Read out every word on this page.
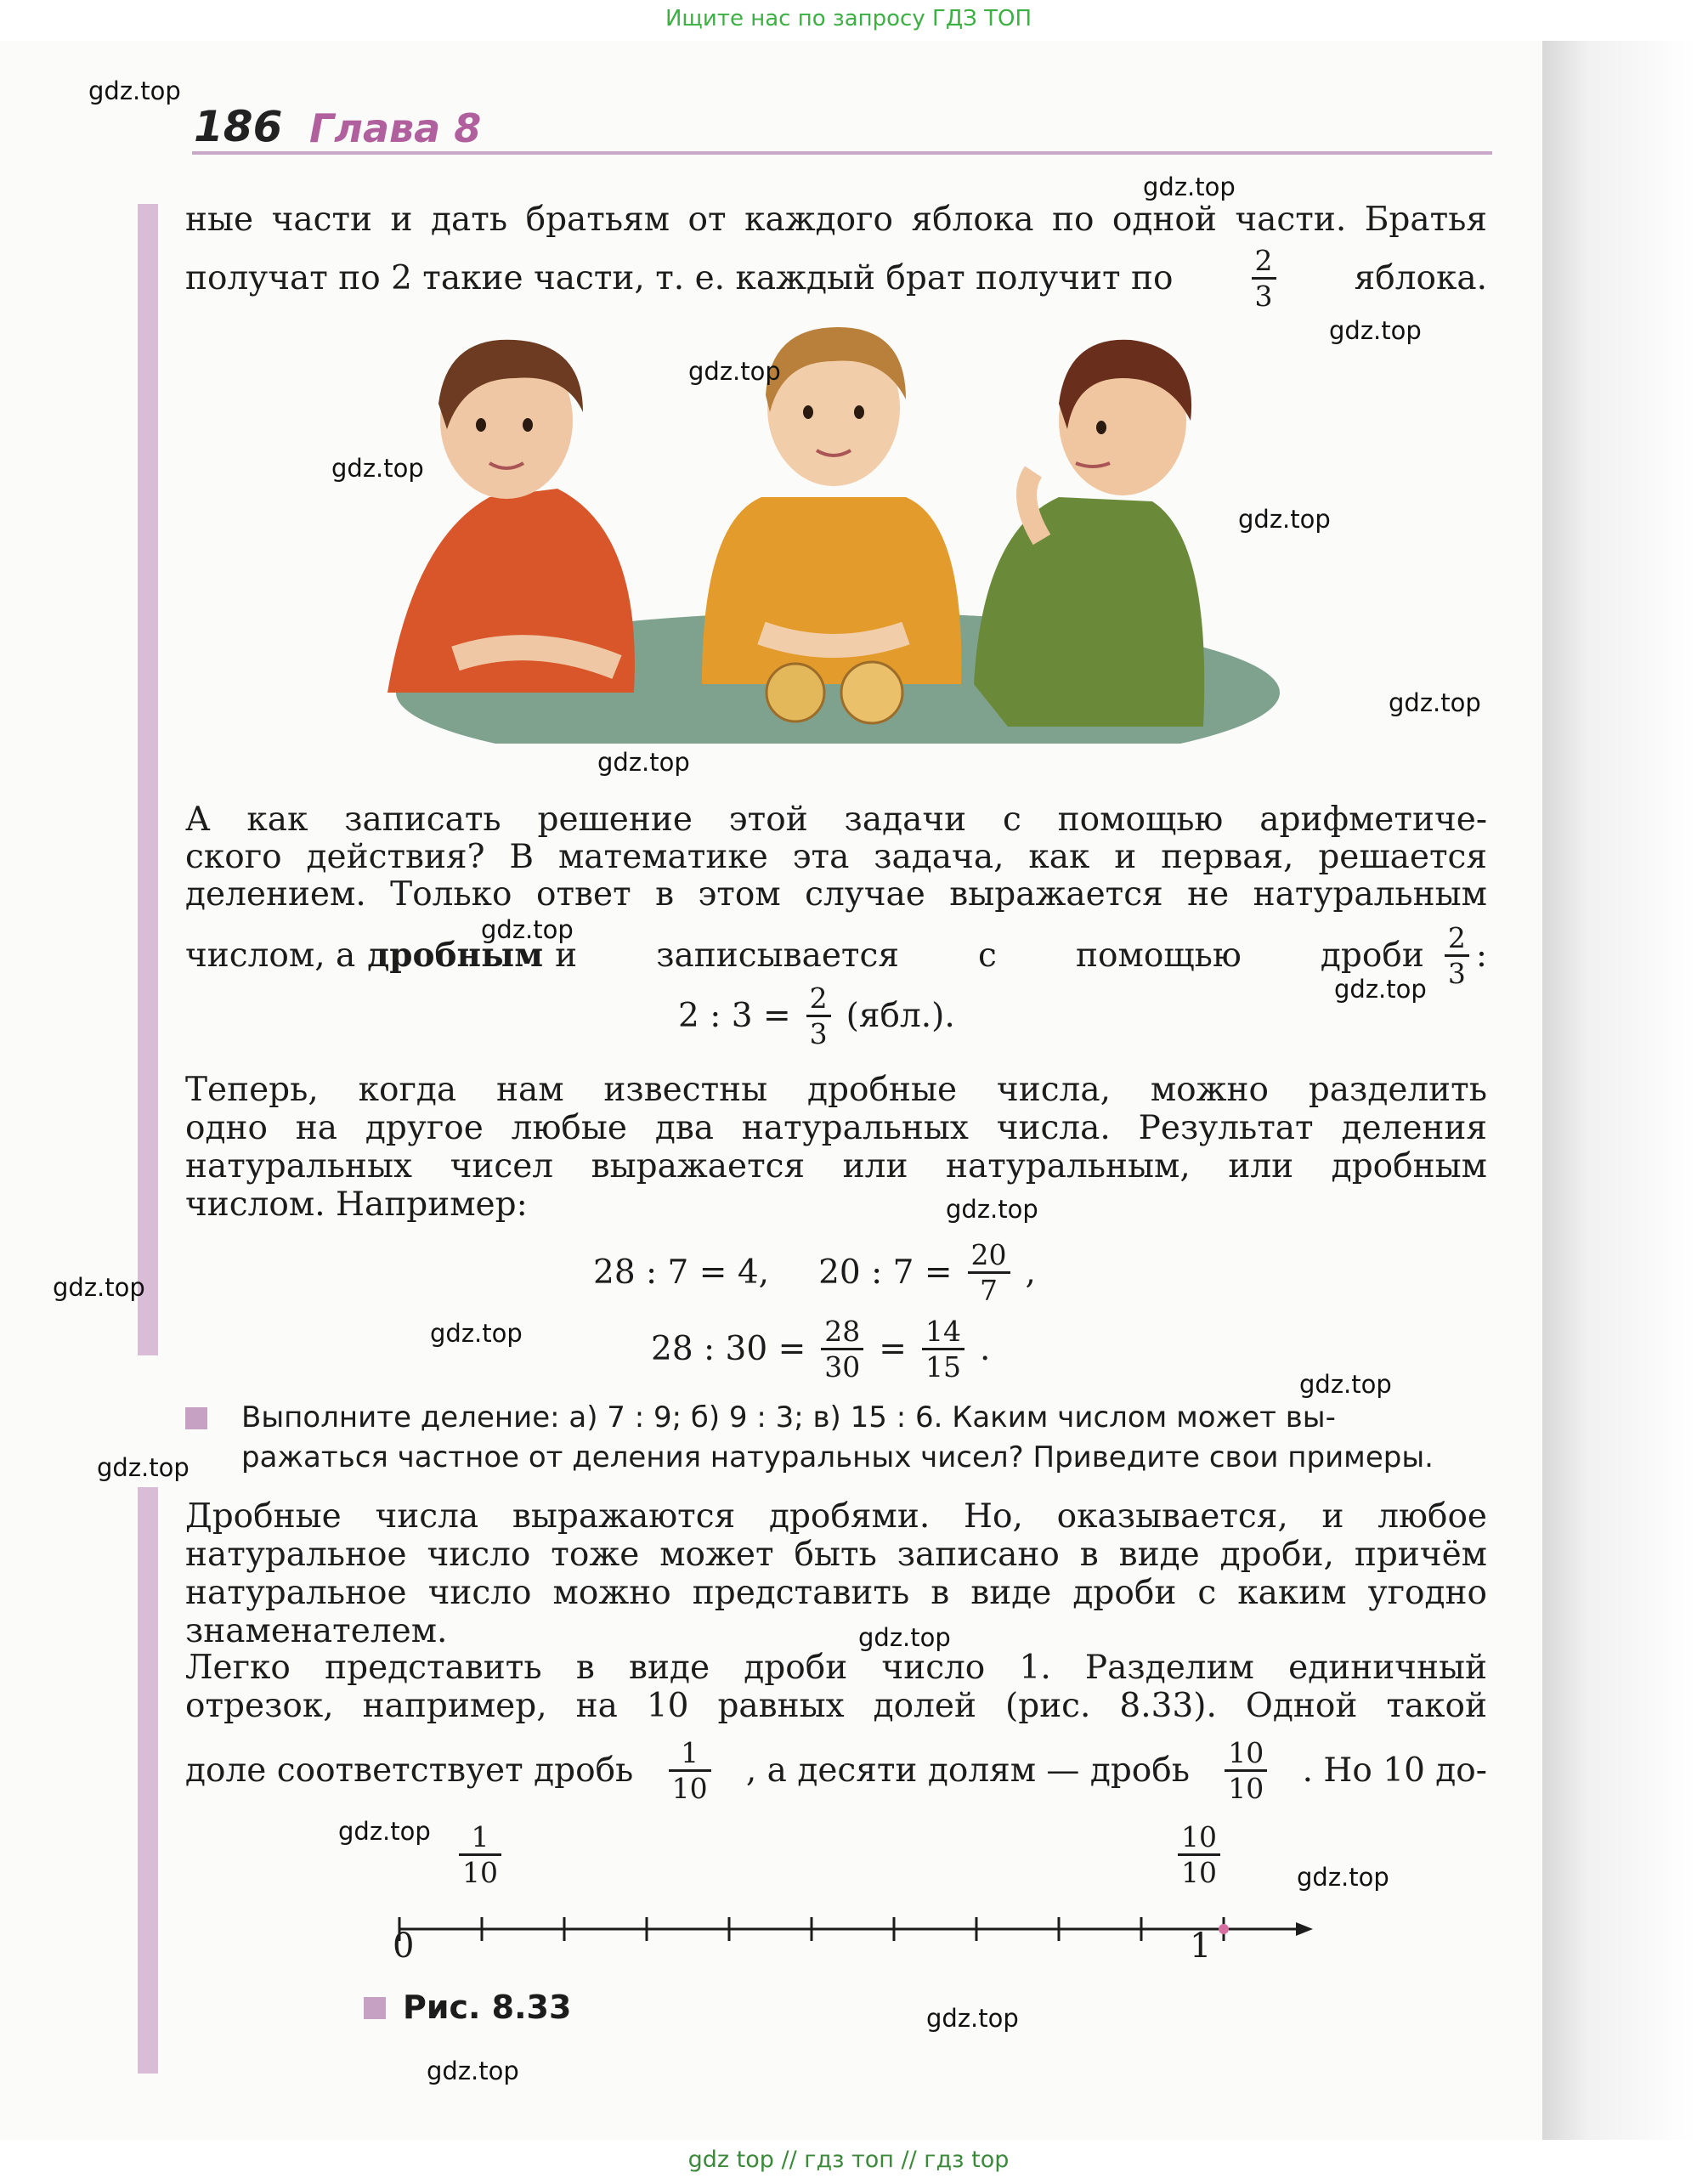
Ищите нас по запросу ГДЗ ТОП
186 Глава 8
ные части и дать братьям от каждого яблока по одной части. Братья
получат по 2 такие части, т. е. каждый брат получит по	$\frac{2}{3}$ яблока.
А как записать решение этой задачи с помощью арифметиче-
ского действия? В математике эта задача, как и первая, решается
делением. Только ответ в этом случае выражается не натуральным
числом, а дробным и записывается с помощью дроби $\frac{2}{3}$ :
2 : $3 = \frac{2}{3} (ябл.)$.
Теперь, когда нам известны дробные числа, можно разделить
одно на другое любые два натуральных числа. Результат деления
натуральных чисел выражается или натуральным, или дробным
числом. Например:
28 : 7 = 4, 20 : $7 = \frac{20}{7}$ ,
28 : $30 = \frac{28}{30} = \frac{14}{15}$ .
Выполните деление: а) 7 : 9; б) 9 : 3; в) 15 : 6. Каким числом может вы-
ражаться частное от деления натуральных чисел? Приведите свои примеры.
Дробные числа выражаются дробями. Но, оказывается, и любое
натуральное число тоже может быть записано в виде дроби, причём
натуральное число можно представить в виде дроби с каким угодно
знаменателем.
Легко представить в виде дроби число 1. Разделим единичный
отрезок, например, на 10 равных долей (рис. 8.33). Одной такой
доле соответствует дробь $\frac{1}{10}$ , а десяти долям — дробь $\frac{10}{10}$ . Но 10 до-
0	1
$\frac{1}{10}$	$\frac{10}{10}$
Рис. 8.33
gdz.top
gdz.top
gdz.top
gdz.top
gdz.top
gdz.top
gdz.top
gdz.top
gdz.top
gdz.top
gdz.top
gdz.top
gdz.top
gdz.top
gdz.top
gdz.top
gdz.top
gdz.top
gdz.top
gdz.top
gdz top // гдз топ // гдз top
